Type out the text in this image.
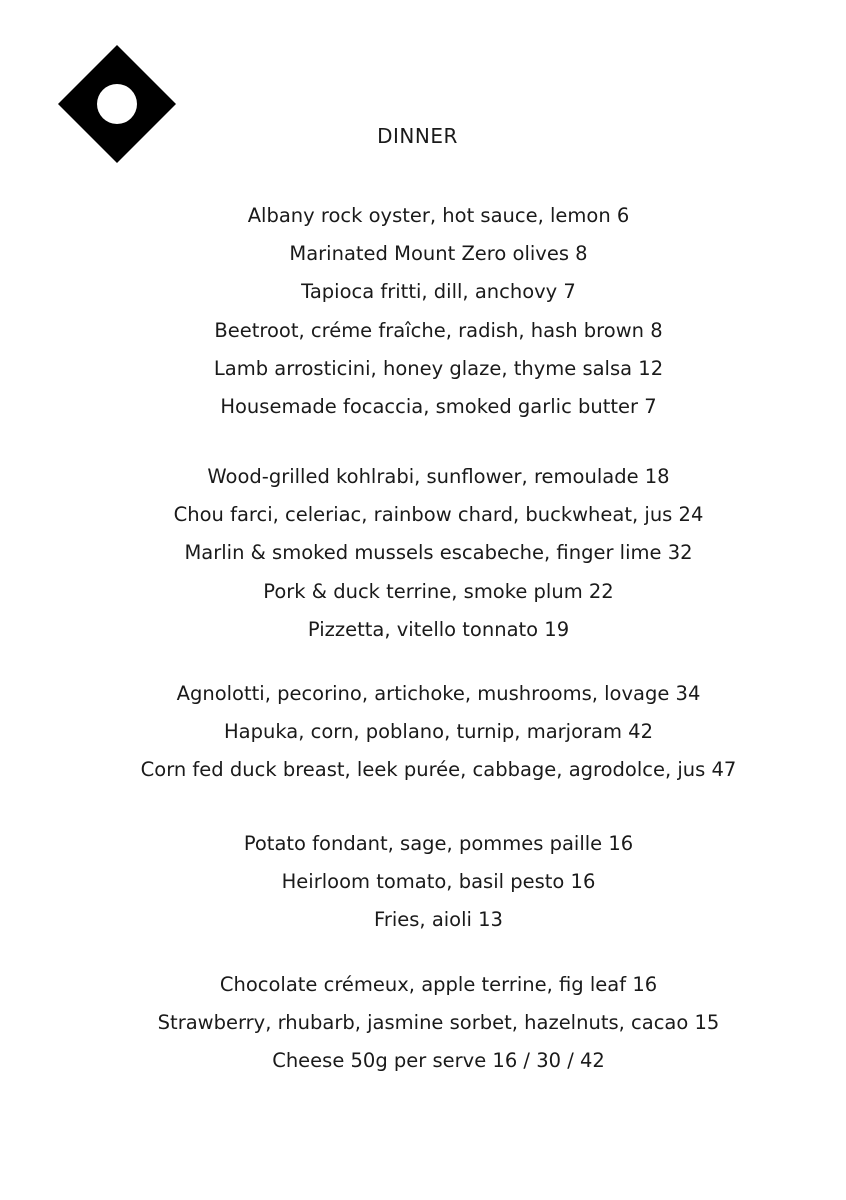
DINNER
Albany rock oyster, hot sauce, lemon 6
Marinated Mount Zero olives 8
Tapioca fritti, dill, anchovy 7
Beetroot, créme fraîche, radish, hash brown 8
Lamb arrosticini, honey glaze, thyme salsa 12
Housemade focaccia, smoked garlic butter 7
Wood-grilled kohlrabi, sunflower, remoulade 18
Chou farci, celeriac, rainbow chard, buckwheat, jus 24
Marlin & smoked mussels escabeche, finger lime 32
Pork & duck terrine, smoke plum 22
Pizzetta, vitello tonnato 19
Agnolotti, pecorino, artichoke, mushrooms, lovage 34
Hapuka, corn, poblano, turnip, marjoram 42
Corn fed duck breast, leek purée, cabbage, agrodolce, jus 47
Potato fondant, sage, pommes paille 16
Heirloom tomato, basil pesto 16
Fries, aioli 13
Chocolate crémeux, apple terrine, fig leaf 16
Strawberry, rhubarb, jasmine sorbet, hazelnuts, cacao 15
Cheese 50g per serve 16 / 30 / 42
